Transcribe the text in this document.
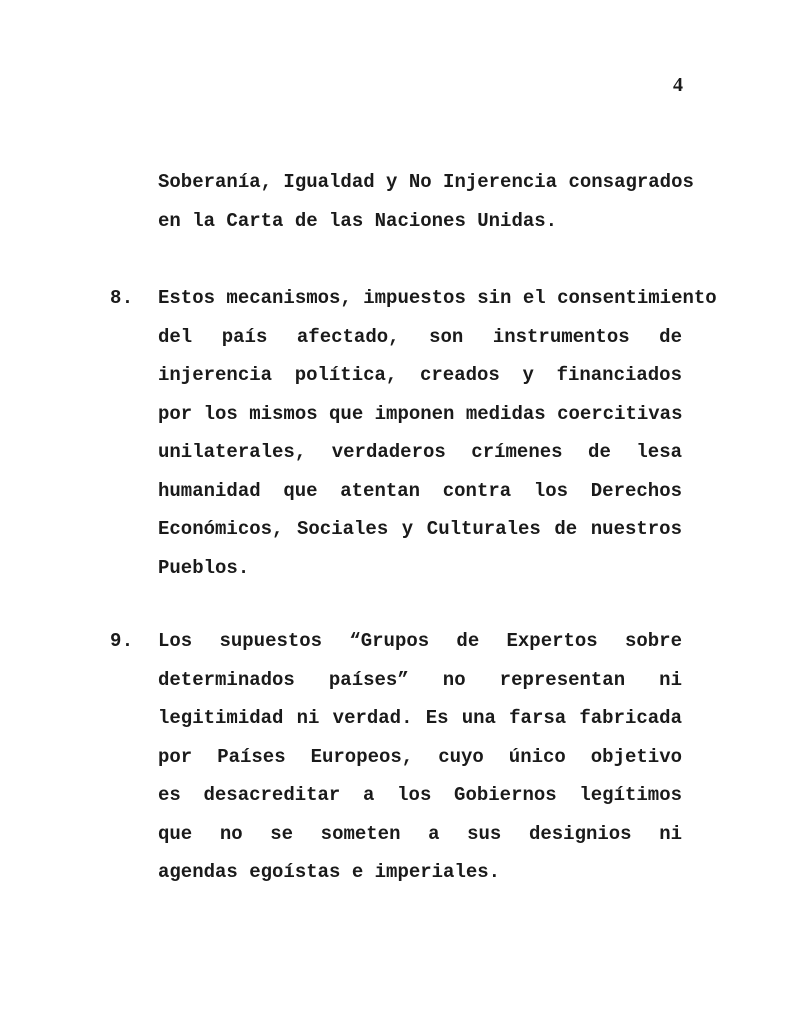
4
Soberanía, Igualdad y No Injerencia consagrados
en la Carta de las Naciones Unidas.
8. Estos mecanismos, impuestos sin el consentimiento
del país afectado, son instrumentos de
injerencia política, creados y financiados
por los mismos que imponen medidas coercitivas
unilaterales, verdaderos crímenes de lesa
humanidad que atentan contra los Derechos
Económicos, Sociales y Culturales de nuestros
Pueblos.
9. Los supuestos “Grupos de Expertos sobre
determinados países” no representan ni
legitimidad ni verdad. Es una farsa fabricada
por Países Europeos, cuyo único objetivo
es desacreditar a los Gobiernos legítimos
que no se someten a sus designios ni
agendas egoístas e imperiales.
